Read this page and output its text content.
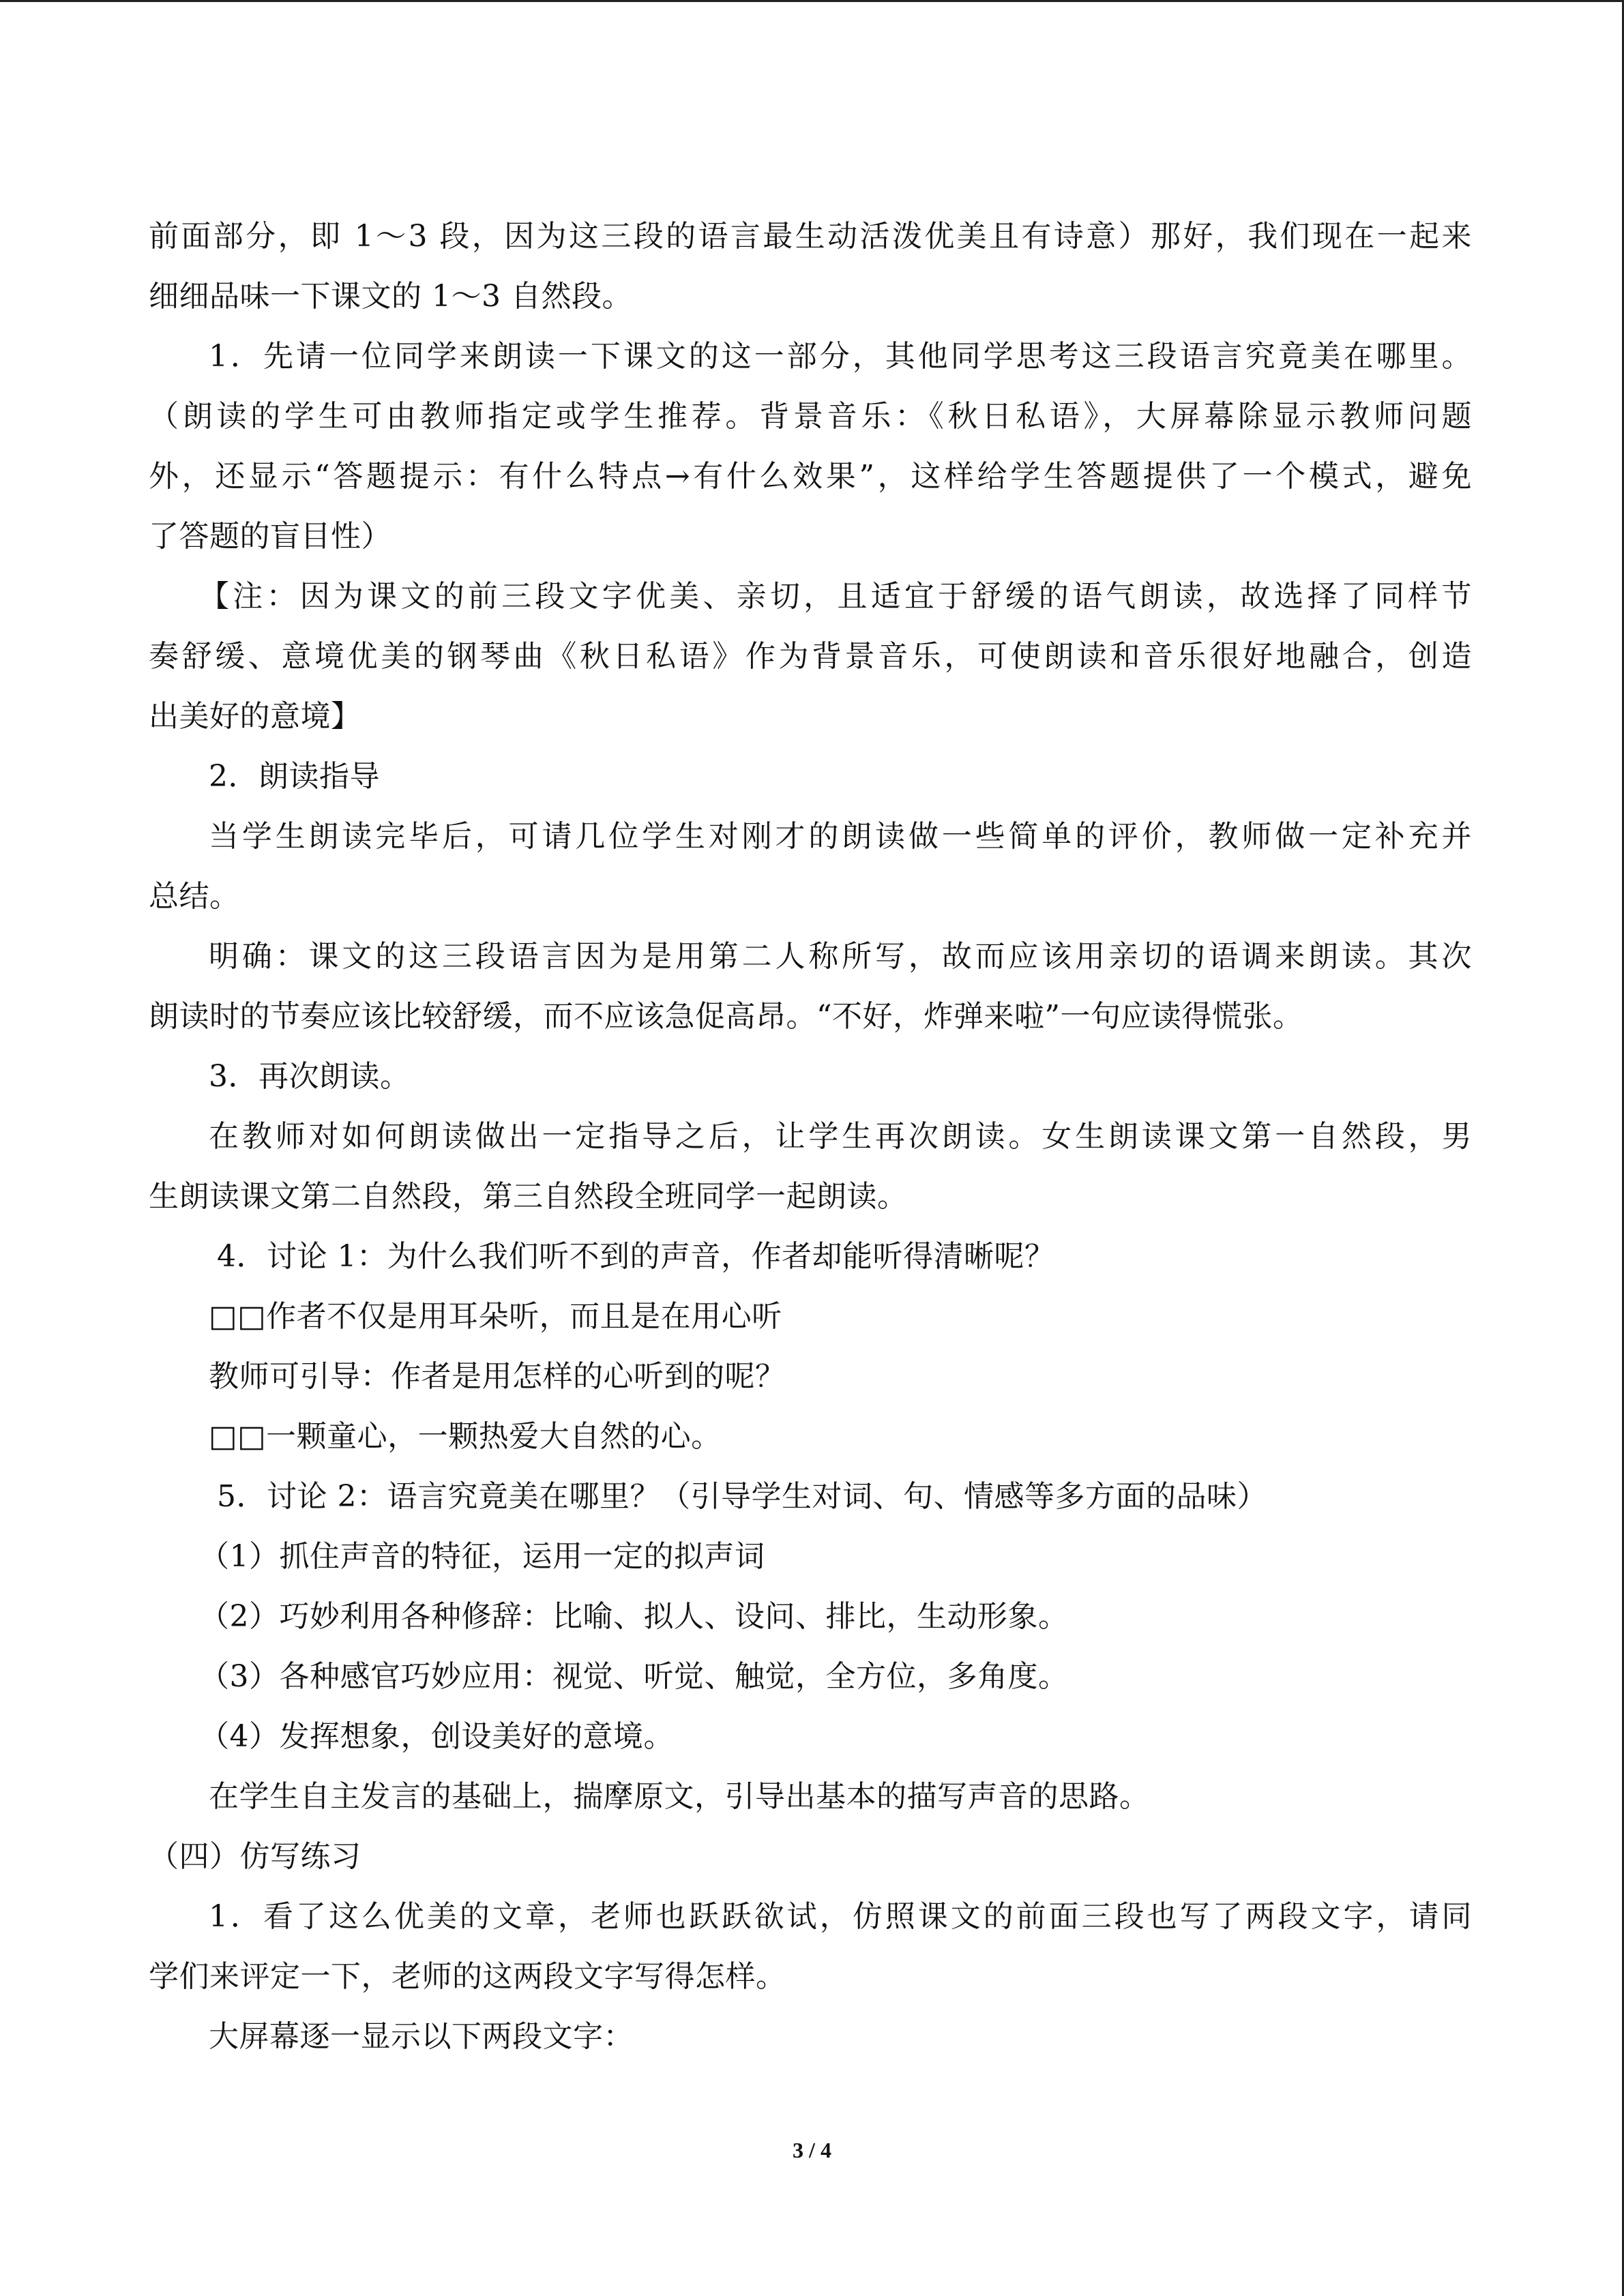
前面部分，即 1～3 段，因为这三段的语言最生动活泼优美且有诗意）那好，我们现在一起来
细细品味一下课文的 1～3 自然段。
1．先请一位同学来朗读一下课文的这一部分，其他同学思考这三段语言究竟美在哪里。
（朗读的学生可由教师指定或学生推荐。背景音乐：《秋日私语》，大屏幕除显示教师问题
外，还显示“答题提示：有什么特点→有什么效果”，这样给学生答题提供了一个模式，避免
了答题的盲目性）
【注：因为课文的前三段文字优美、亲切，且适宜于舒缓的语气朗读，故选择了同样节
奏舒缓、意境优美的钢琴曲《秋日私语》作为背景音乐，可使朗读和音乐很好地融合，创造
出美好的意境】
2．朗读指导
当学生朗读完毕后，可请几位学生对刚才的朗读做一些简单的评价，教师做一定补充并
总结。
明确：课文的这三段语言因为是用第二人称所写，故而应该用亲切的语调来朗读。其次
朗读时的节奏应该比较舒缓，而不应该急促高昂。“不好，炸弹来啦”一句应读得慌张。
3．再次朗读。
在教师对如何朗读做出一定指导之后，让学生再次朗读。女生朗读课文第一自然段，男
生朗读课文第二自然段，第三自然段全班同学一起朗读。
4．讨论 1：为什么我们听不到的声音，作者却能听得清晰呢？
□□作者不仅是用耳朵听，而且是在用心听
教师可引导：作者是用怎样的心听到的呢？
□□一颗童心，一颗热爱大自然的心。
5．讨论 2：语言究竟美在哪里？（引导学生对词、句、情感等多方面的品味）
（1）抓住声音的特征，运用一定的拟声词
（2）巧妙利用各种修辞：比喻、拟人、设问、排比，生动形象。
（3）各种感官巧妙应用：视觉、听觉、触觉，全方位，多角度。
（4）发挥想象，创设美好的意境。
在学生自主发言的基础上，揣摩原文，引导出基本的描写声音的思路。
（四）仿写练习
1．看了这么优美的文章，老师也跃跃欲试，仿照课文的前面三段也写了两段文字，请同
学们来评定一下，老师的这两段文字写得怎样。
大屏幕逐一显示以下两段文字：
3 / 4
